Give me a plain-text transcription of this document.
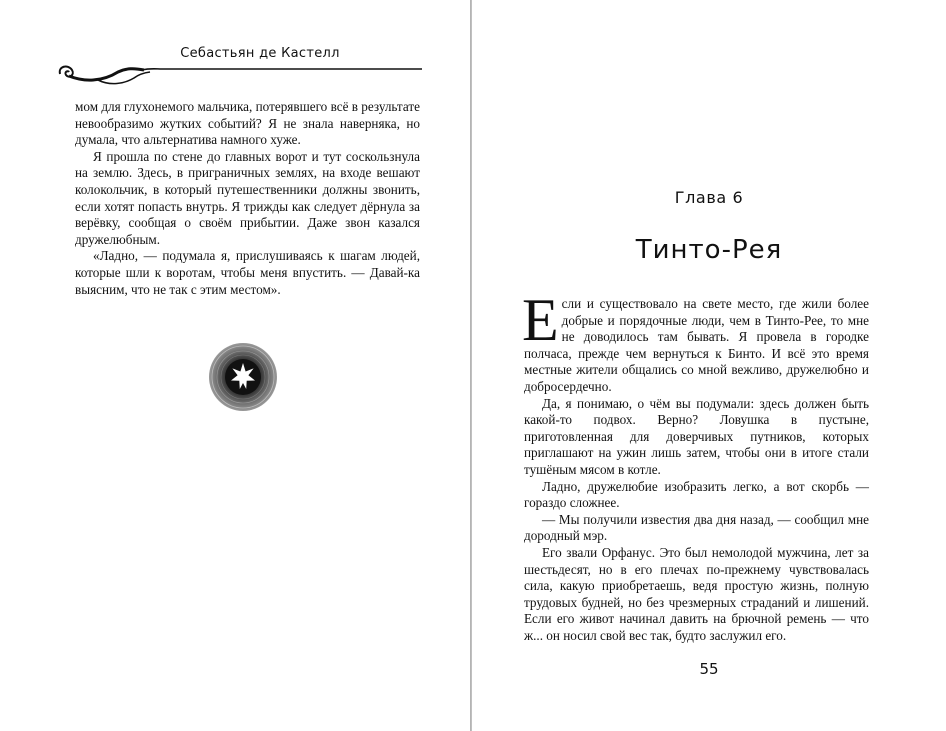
Себастьян де Кастелл

мом для глухонемого мальчика, потерявшего всё в результате невообразимо жутких событий? Я не знала наверняка, но думала, что альтернатива намного хуже.

Я прошла по стене до главных ворот и тут соскользнула на землю. Здесь, в приграничных землях, на входе вешают колокольчик, в который путешественники должны звонить, если хотят попасть внутрь. Я трижды как следует дёрнула за верёвку, сообщая о своём прибытии. Даже звон казался дружелюбным.

«Ладно, — подумала я, прислушиваясь к шагам людей, которые шли к воротам, чтобы меня впустить. — Давай-ка выясним, что не так с этим местом».

Глава 6
Тинто-Рея

Если и существовало на свете место, где жили более добрые и порядочные люди, чем в Тинто-Рее, то мне не доводилось там бывать. Я провела в городке полчаса, прежде чем вернуться к Бинто. И всё это время местные жители общались со мной вежливо, дружелюбно и добросердечно.

Да, я понимаю, о чём вы подумали: здесь должен быть какой-то подвох. Верно? Ловушка в пустыне, приготовленная для доверчивых путников, которых приглашают на ужин лишь затем, чтобы они в итоге стали тушёным мясом в котле.

Ладно, дружелюбие изобразить легко, а вот скорбь — гораздо сложнее.

— Мы получили известия два дня назад, — сообщил мне дородный мэр.

Его звали Орфанус. Это был немолодой мужчина, лет за шестьдесят, но в его плечах по-прежнему чувствовалась сила, какую приобретаешь, ведя простую жизнь, полную трудовых будней, но без чрезмерных страданий и лишений. Если его живот начинал давить на брючной ремень — что ж... он носил свой вес так, будто заслужил его.

55
